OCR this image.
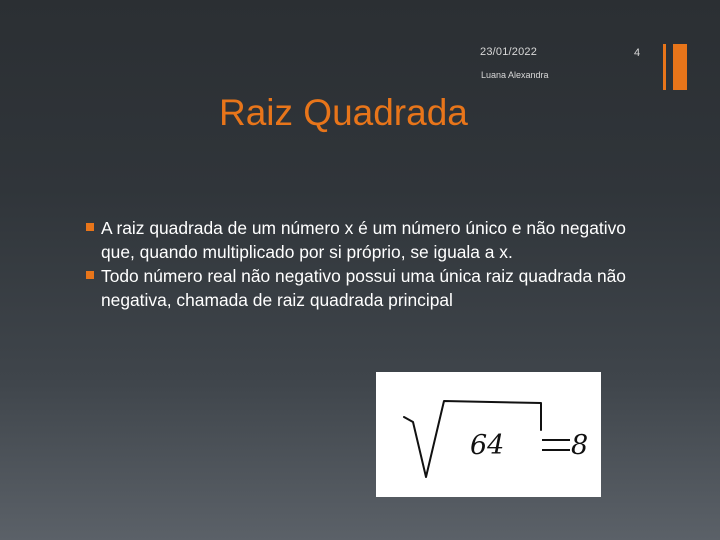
23/01/2022
Luana Alexandra
4
Raiz Quadrada
A raiz quadrada de um número x é um número único e não negativo que, quando multiplicado por si próprio, se iguala a x.
Todo número real não negativo possui uma única raiz quadrada não negativa, chamada de raiz quadrada principal
64 8
